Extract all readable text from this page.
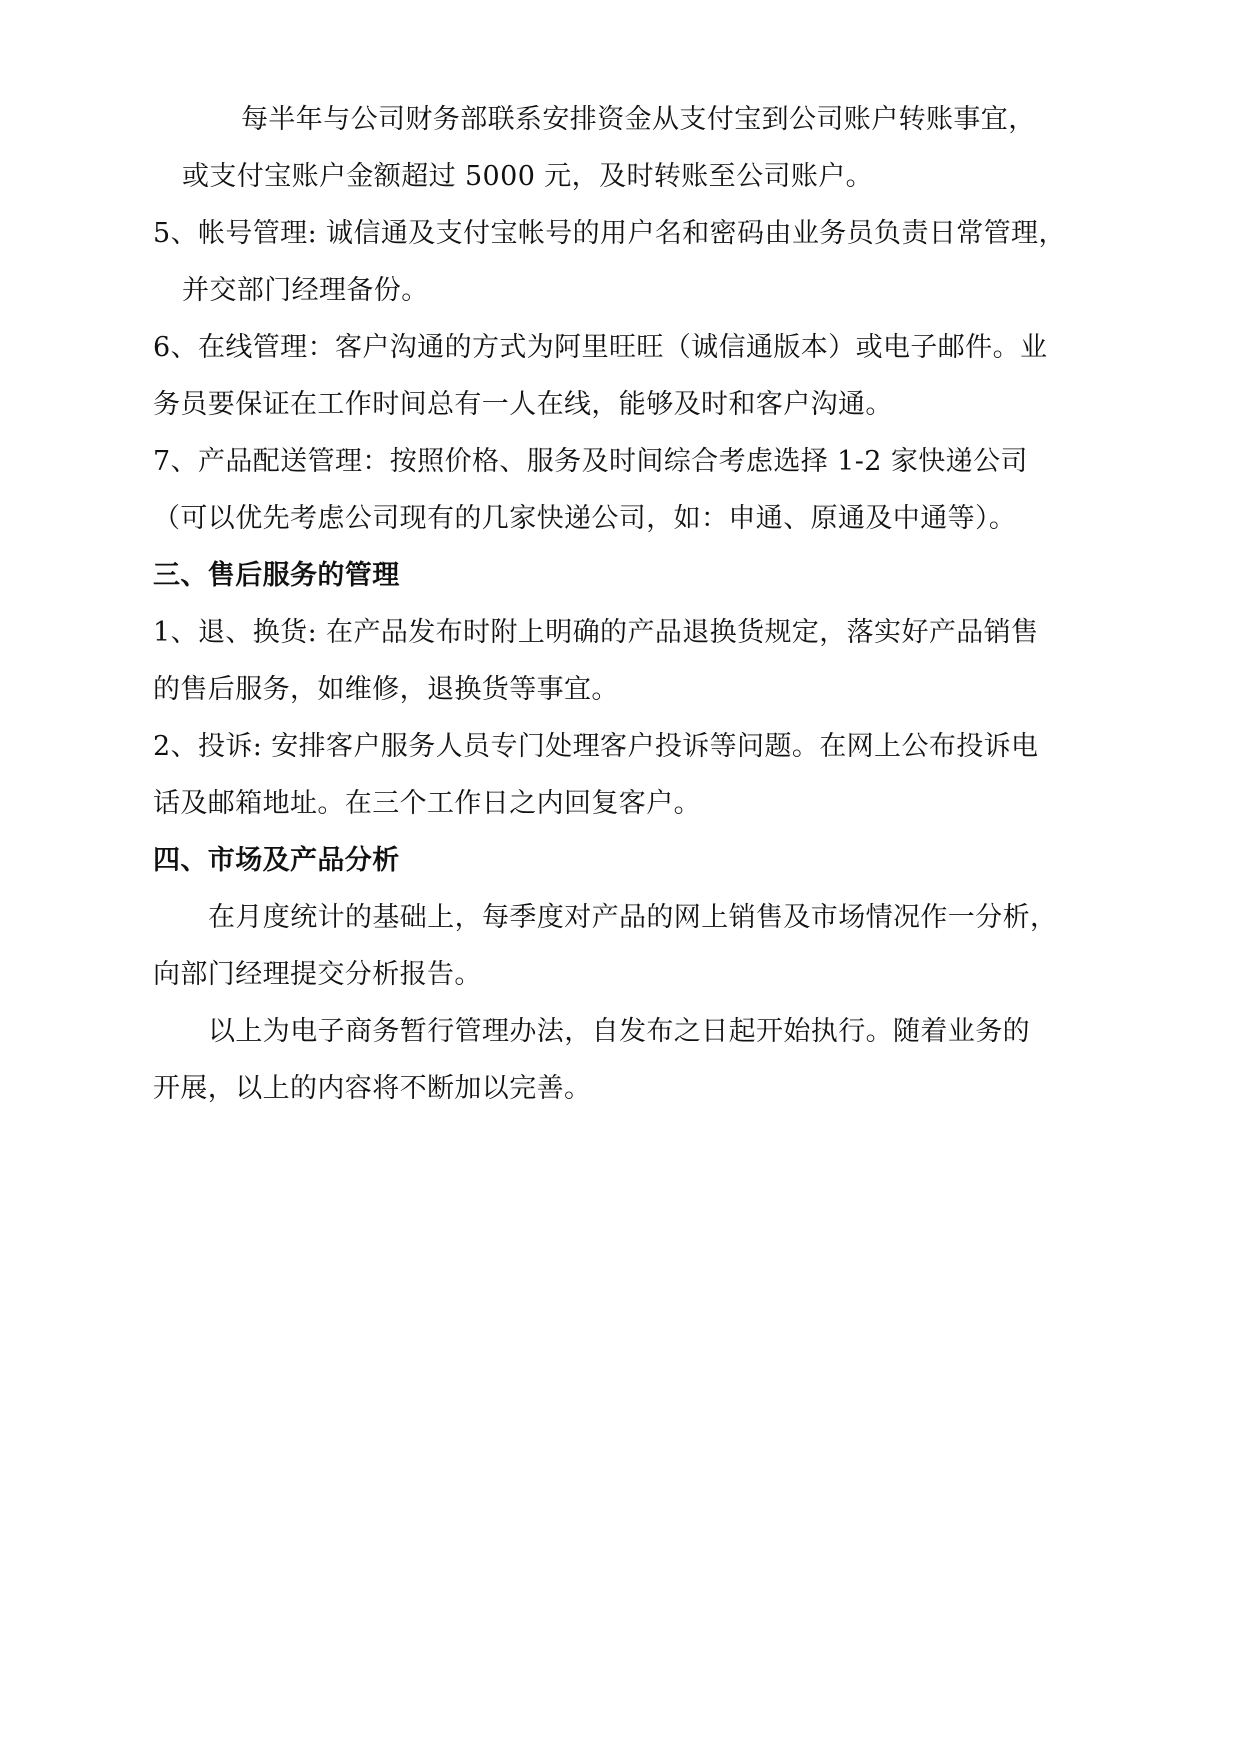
每半年与公司财务部联系安排资金从支付宝到公司账户转账事宜，
或支付宝账户金额超过 5000 元，及时转账至公司账户。
5、帐号管理: 诚信通及支付宝帐号的用户名和密码由业务员负责日常管理，
并交部门经理备份。
6、在线管理：客户沟通的方式为阿里旺旺（诚信通版本）或电子邮件。业
务员要保证在工作时间总有一人在线，能够及时和客户沟通。
7、产品配送管理：按照价格、服务及时间综合考虑选择 1-2 家快递公司
（可以优先考虑公司现有的几家快递公司，如：申通、原通及中通等）。
三、售后服务的管理
1、退、换货: 在产品发布时附上明确的产品退换货规定，落实好产品销售
的售后服务，如维修，退换货等事宜。
2、投诉: 安排客户服务人员专门处理客户投诉等问题。在网上公布投诉电
话及邮箱地址。在三个工作日之内回复客户。
四、市场及产品分析
在月度统计的基础上，每季度对产品的网上销售及市场情况作一分析，
向部门经理提交分析报告。
以上为电子商务暂行管理办法，自发布之日起开始执行。随着业务的
开展，以上的内容将不断加以完善。
